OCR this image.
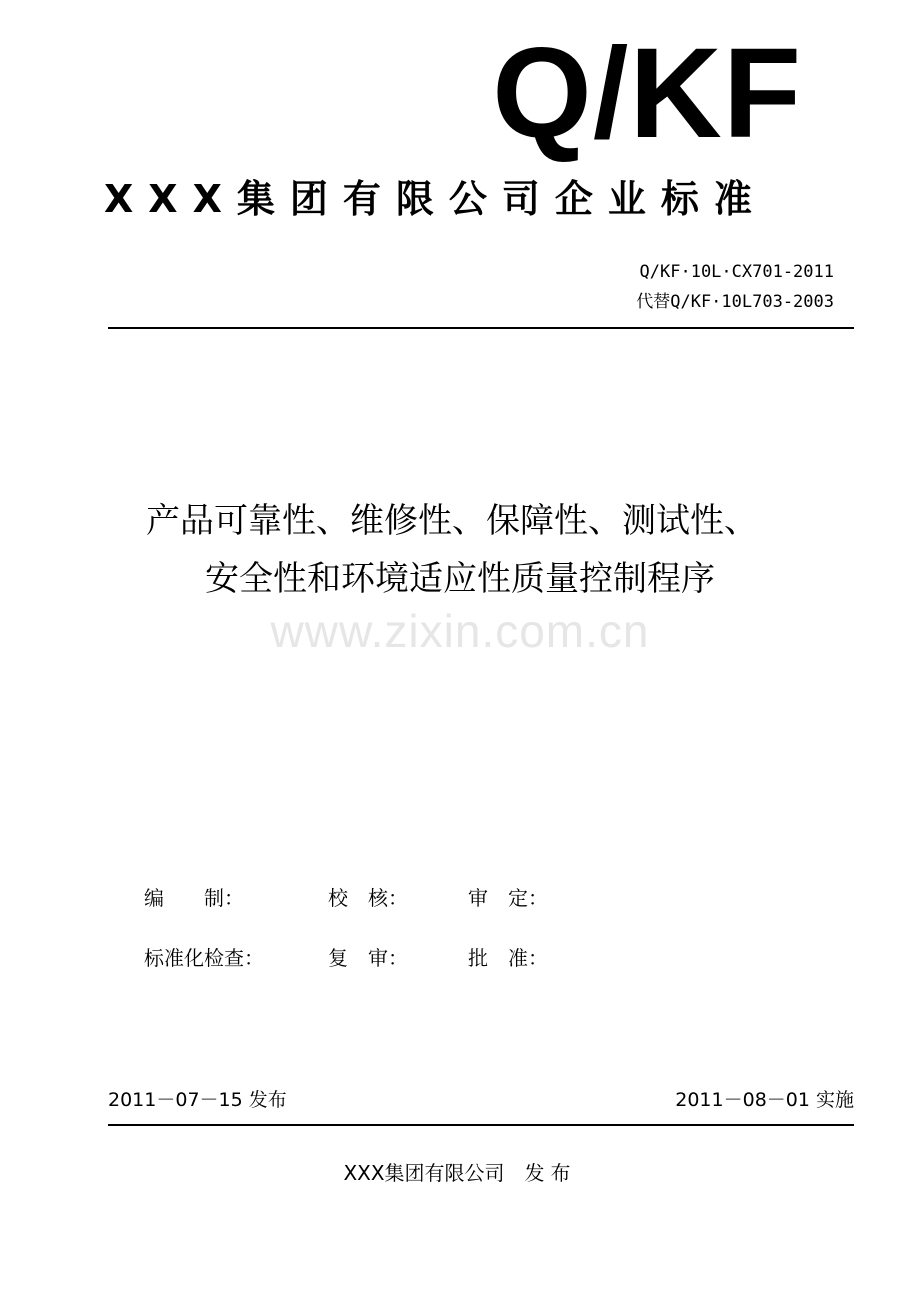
Q/KF
XXX集团有限公司企业标准
Q/KF·10L·CX701-2011
代替Q/KF·10L703-2003
产品可靠性、维修性、保障性、测试性、
安全性和环境适应性质量控制程序
www.zixin.com.cn
编　　制：	校　核：	审　定：
标准化检查：	复　审：	批　准：
2011－07－15 发布	2011－08－01 实施
XXX集团有限公司 发布
